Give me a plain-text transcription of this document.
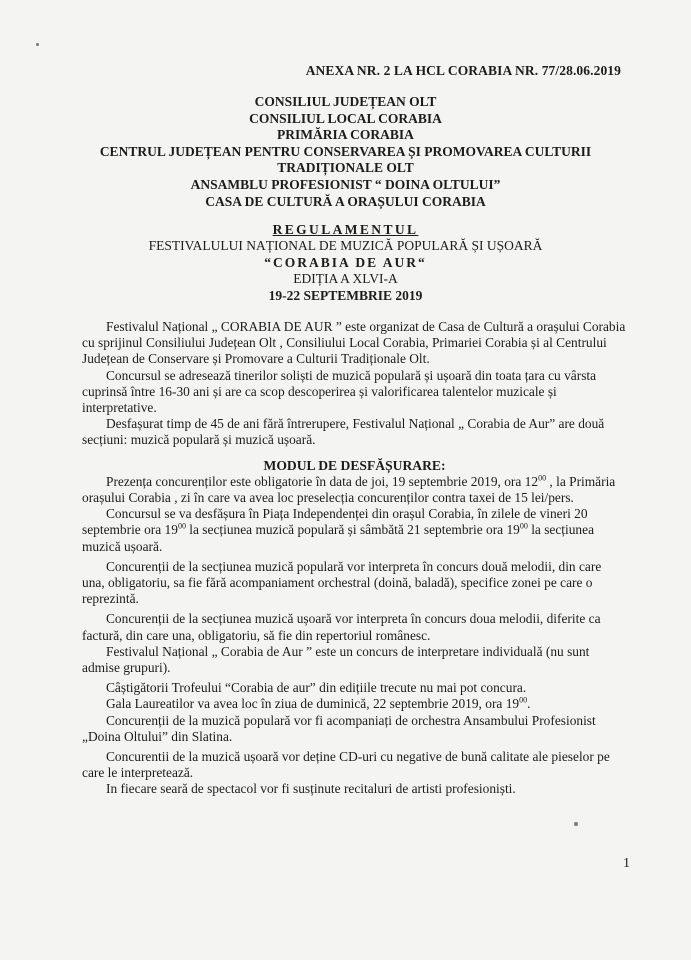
ANEXA NR. 2 LA HCL CORABIA NR. 77/28.06.2019
CONSILIUL JUDEȚEAN OLT
CONSILIUL LOCAL CORABIA
PRIMĂRIA CORABIA
CENTRUL JUDEȚEAN PENTRU CONSERVAREA ȘI PROMOVAREA CULTURII
TRADIȚIONALE OLT
ANSAMBLU PROFESIONIST “ DOINA OLTULUI”
CASA DE CULTURĂ A ORAȘULUI CORABIA
REGULAMENTUL
FESTIVALULUI NAȚIONAL DE MUZICĂ POPULARĂ ȘI UȘOARĂ
“CORABIA DE AUR“
EDIȚIA A XLVI-A
19-22 SEPTEMBRIE 2019

Festivalul Național „ CORABIA DE AUR ” este organizat de Casa de Cultură a orașului Corabia cu sprijinul Consiliului Județean Olt , Consiliului Local Corabia, Primariei Corabia și al Centrului Județean de Conservare și Promovare a Culturii Tradiționale Olt.

Concursul se adresează tinerilor soliști de muzică populară și ușoară din toata țara cu vârsta cuprinsă între 16-30 ani și are ca scop descoperirea și valorificarea talentelor muzicale și interpretative.

Desfașurat timp de 45 de ani fără întrerupere, Festivalul Național „ Corabia de Aur” are două secțiuni: muzică populară și muzică ușoară.

MODUL DE DESFĂȘURARE:

Prezența concurenților este obligatorie în data de joi, 19 septembrie 2019, ora $12^{00}$ , la Primăria orașului Corabia , zi în care va avea loc preselecția concurenților contra taxei de 15 lei/pers.

Concursul se va desfășura în Piața Independenței din orașul Corabia, în zilele de vineri 20 septembrie ora $19^{00}$ la secțiunea muzică populară și sâmbătă 21 septembrie ora $19^{00}$ la secțiunea muzică ușoară.

Concurenții de la secțiunea muzică populară vor interpreta în concurs două melodii, din care una, obligatoriu, sa fie fără acompaniament orchestral (doină, baladă), specifice zonei pe care o reprezintă.

Concurenții de la secțiunea muzică ușoară vor interpreta în concurs doua melodii, diferite ca factură, din care una, obligatoriu, să fie din repertoriul românesc.

Festivalul Național „ Corabia de Aur ” este un concurs de interpretare individuală (nu sunt admise grupuri).

Câștigătorii Trofeului “Corabia de aur” din edițiile trecute nu mai pot concura.

Gala Laureatilor va avea loc în ziua de duminică, 22 septembrie 2019, ora $19^{00}$.

Concurenții de la muzică populară vor fi acompaniați de orchestra Ansambului Profesionist „Doina Oltului” din Slatina.

Concurentii de la muzică ușoară vor deține CD-uri cu negative de bună calitate ale pieselor pe care le interpretează.

In fiecare seară de spectacol vor fi susținute recitaluri de artisti profesioniști.

1
